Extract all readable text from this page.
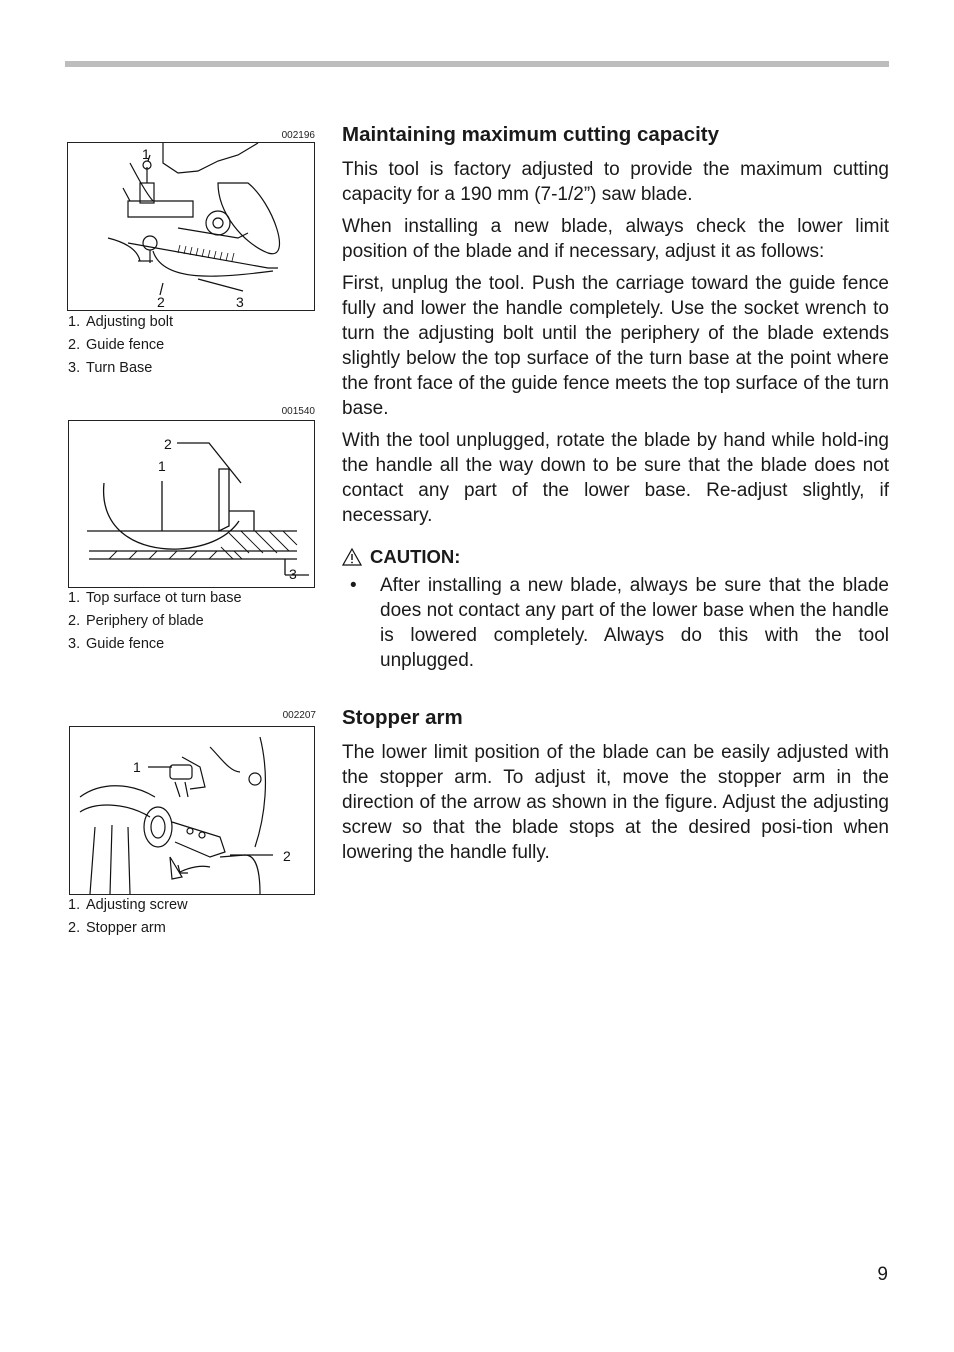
002196
1
2	3
1. Adjusting bolt
2. Guide fence
3. Turn Base
001540
2
1
3
1. Top surface ot turn base
2. Periphery of blade
3. Guide fence
002207
1
2
1. Adjusting screw
2. Stopper arm
Maintaining maximum cutting capacity

This tool is factory adjusted to provide the maximum cutting capacity for a 190 mm (7-1/2”) saw blade.

When installing a new blade, always check the lower limit position of the blade and if necessary, adjust it as follows:

First, unplug the tool. Push the carriage toward the guide fence fully and lower the handle completely. Use the socket wrench to turn the adjusting bolt until the periphery of the blade extends slightly below the top surface of the turn base at the point where the front face of the guide fence meets the top surface of the turn base.

With the tool unplugged, rotate the blade by hand while hold-ing the handle all the way down to be sure that the blade does not contact any part of the lower base. Re-adjust slightly, if necessary.

CAUTION:
•	After installing a new blade, always be sure that the blade does not contact any part of the lower base when the handle is lowered completely. Always do this with the tool unplugged.

Stopper arm

The lower limit position of the blade can be easily adjusted with the stopper arm. To adjust it, move the stopper arm in the direction of the arrow as shown in the figure. Adjust the adjusting screw so that the blade stops at the desired posi-tion when lowering the handle fully.

9
